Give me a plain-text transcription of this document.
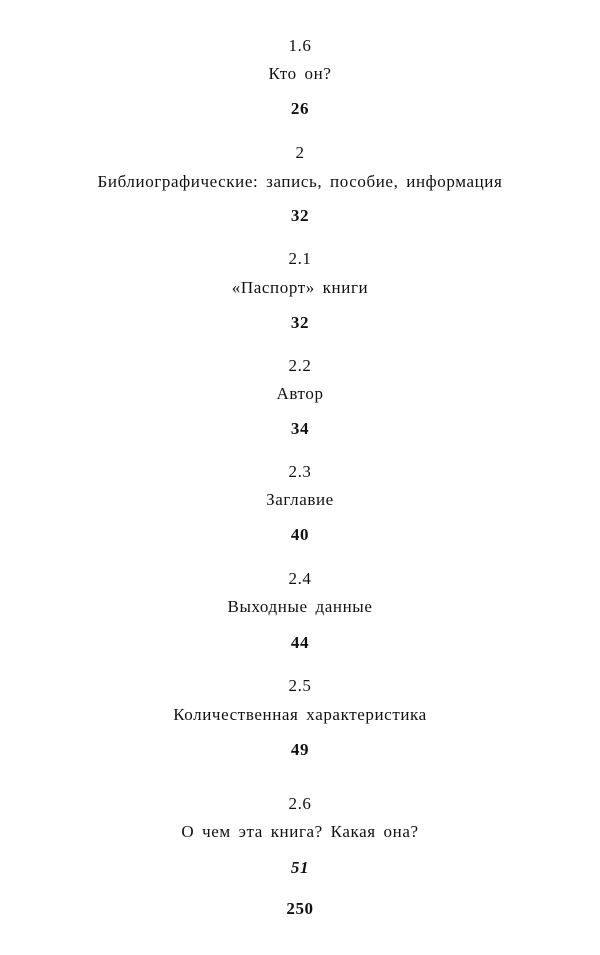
1.6
Кто он?
26
2
Библиографические: запись, пособие, информация
32
2.1
«Паспорт» книги
32
2.2
Автор
34
2.3
Заглавие
40
2.4
Выходные данные
44
2.5
Количественная характеристика
49
2.6
О чем эта книга? Какая она?
51
250
